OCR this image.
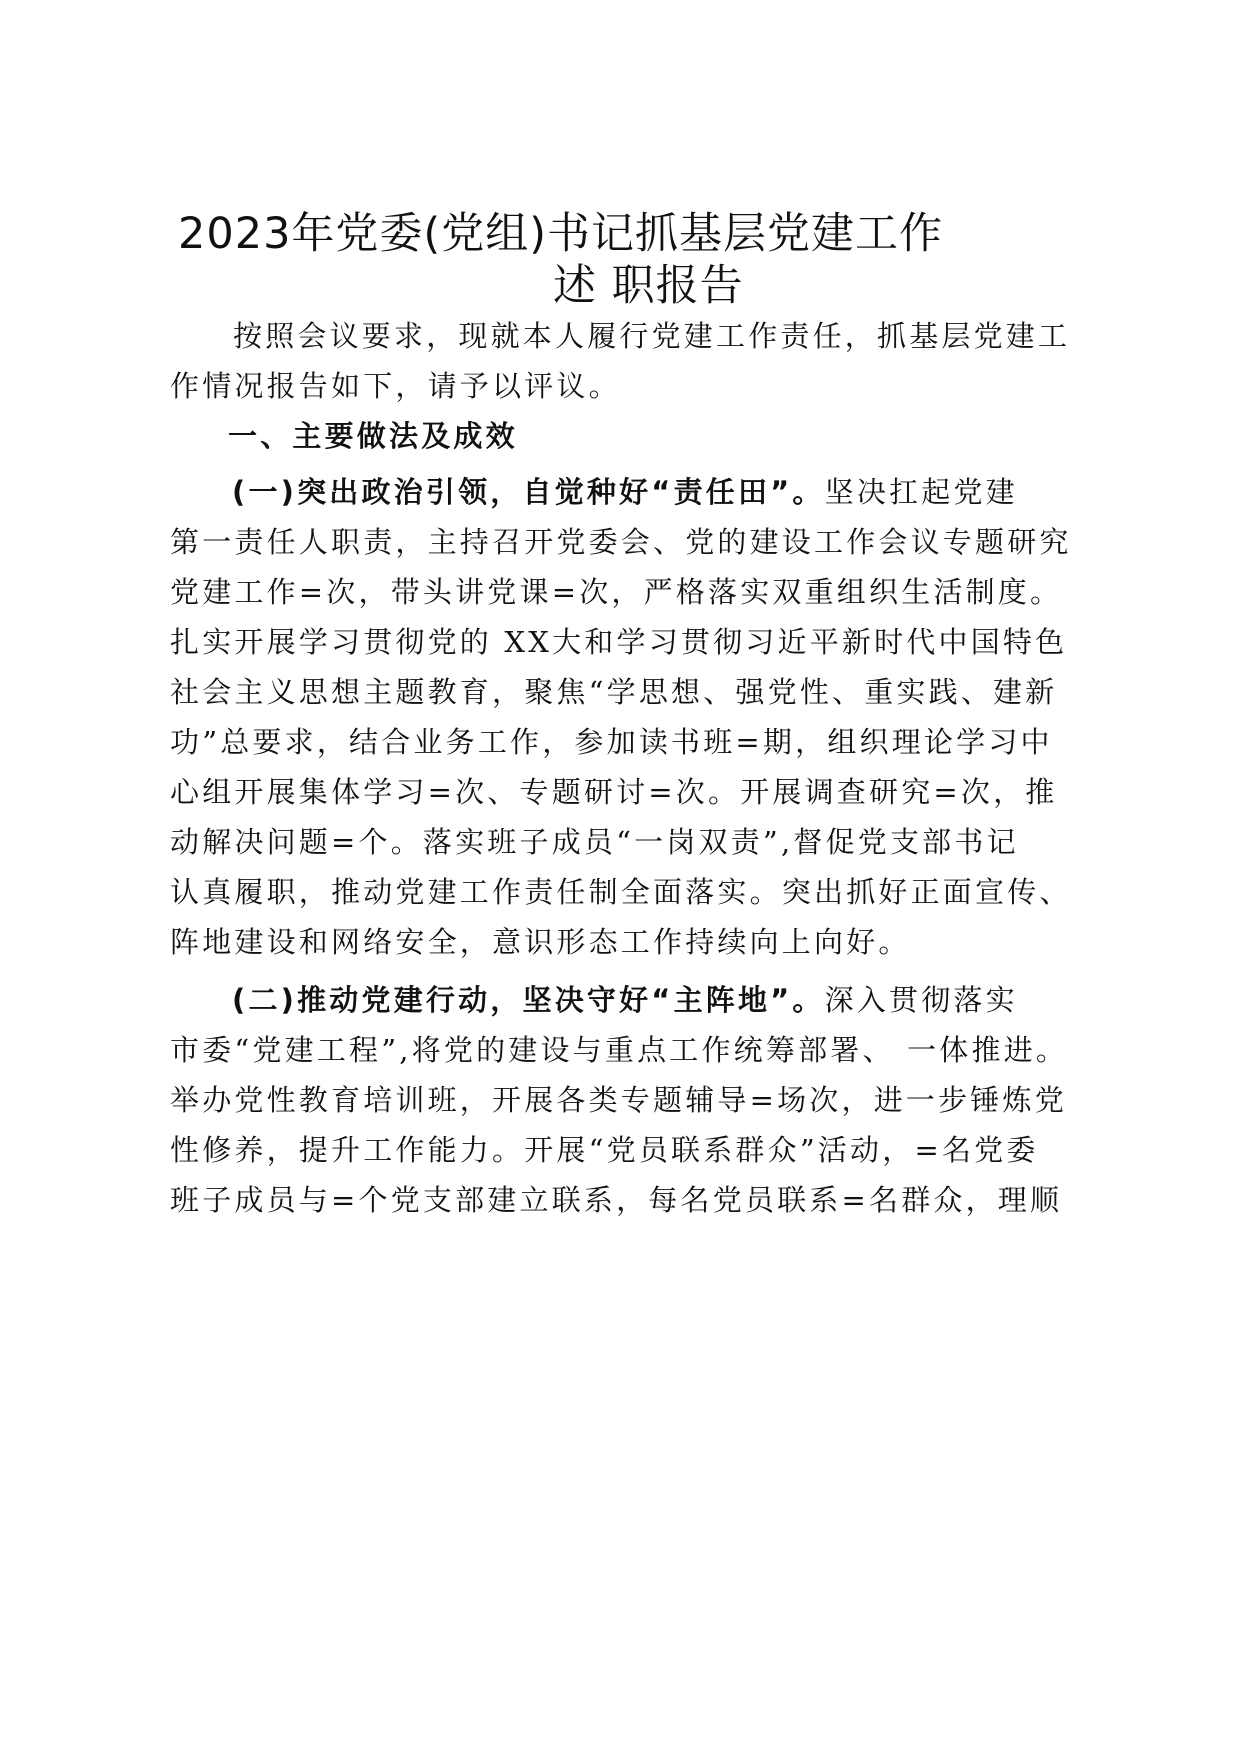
2023年党委(党组)书记抓基层党建工作
述 职报告
按照会议要求，现就本人履行党建工作责任，抓基层党建工
作情况报告如下，请予以评议。
一、主要做法及成效
(一)突出政治引领，自觉种好“责任田”。坚决扛起党建
第一责任人职责，主持召开党委会、党的建设工作会议专题研究
党建工作=次，带头讲党课=次，严格落实双重组织生活制度。
扎实开展学习贯彻党的 XX大和学习贯彻习近平新时代中国特色
社会主义思想主题教育，聚焦“学思想、强党性、重实践、建新
功”总要求，结合业务工作，参加读书班=期，组织理论学习中
心组开展集体学习=次、专题研讨=次。开展调查研究=次，推
动解决问题=个。落实班子成员“一岗双责”,督促党支部书记
认真履职，推动党建工作责任制全面落实。突出抓好正面宣传、
阵地建设和网络安全，意识形态工作持续向上向好。
(二)推动党建行动，坚决守好“主阵地”。深入贯彻落实
市委“党建工程”,将党的建设与重点工作统筹部署、 一体推进。
举办党性教育培训班，开展各类专题辅导=场次，进一步锤炼党
性修养，提升工作能力。开展“党员联系群众”活动，=名党委
班子成员与=个党支部建立联系，每名党员联系=名群众，理顺
